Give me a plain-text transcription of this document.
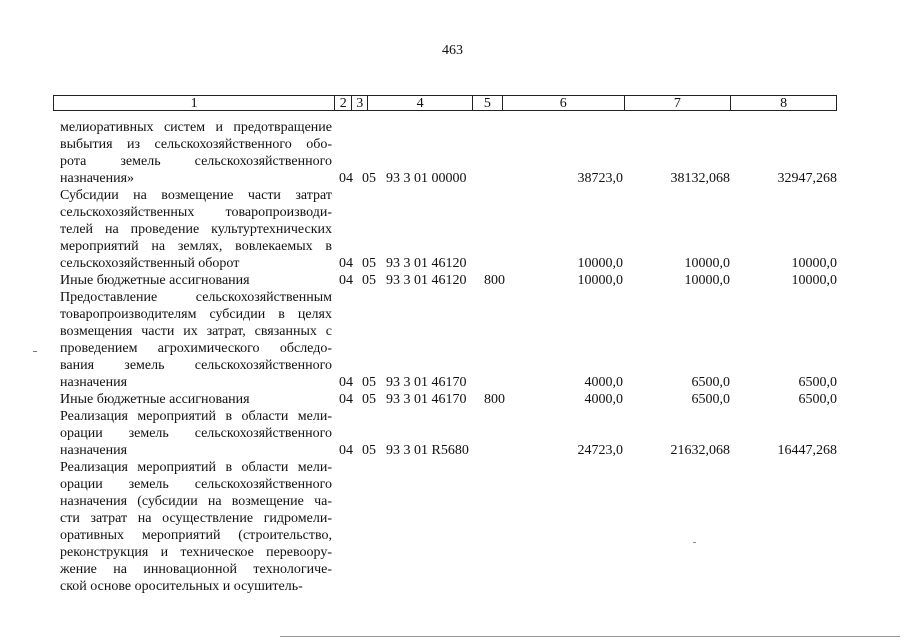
463
1	2 3	4	5	6	7	8
мелиоративных систем и предотвращение
выбытия из сельскохозяйственного обо-
рота земель сельскохозяйственного
назначения»	04 05 93 3 01 00000	38723,0	38132,068	32947,268
Субсидии на возмещение части затрат
сельскохозяйственных товаропроизводи-
телей на проведение культуртехнических
мероприятий на землях, вовлекаемых в
сельскохозяйственный оборот	04 05 93 3 01 46120	10000,0	10000,0	10000,0
Иные бюджетные ассигнования	04 05 93 3 01 46120 800	10000,0	10000,0	10000,0
Предоставление сельскохозяйственным
товаропроизводителям субсидии в целях
возмещения части их затрат, связанных с
проведением агрохимического обследо-
вания земель сельскохозяйственного
назначения	04 05 93 3 01 46170	4000,0	6500,0	6500,0
Иные бюджетные ассигнования	04 05 93 3 01 46170 800	4000,0	6500,0	6500,0
Реализация мероприятий в области мели-
орации земель сельскохозяйственного
назначения	04 05 93 3 01 R5680	24723,0	21632,068	16447,268
Реализация мероприятий в области мели-
орации земель сельскохозяйственного
назначения (субсидии на возмещение ча-
сти затрат на осуществление гидромели-
оративных мероприятий (строительство,
реконструкция и техническое перевоору-
жение на инновационной технологиче-
ской основе оросительных и осушитель-
